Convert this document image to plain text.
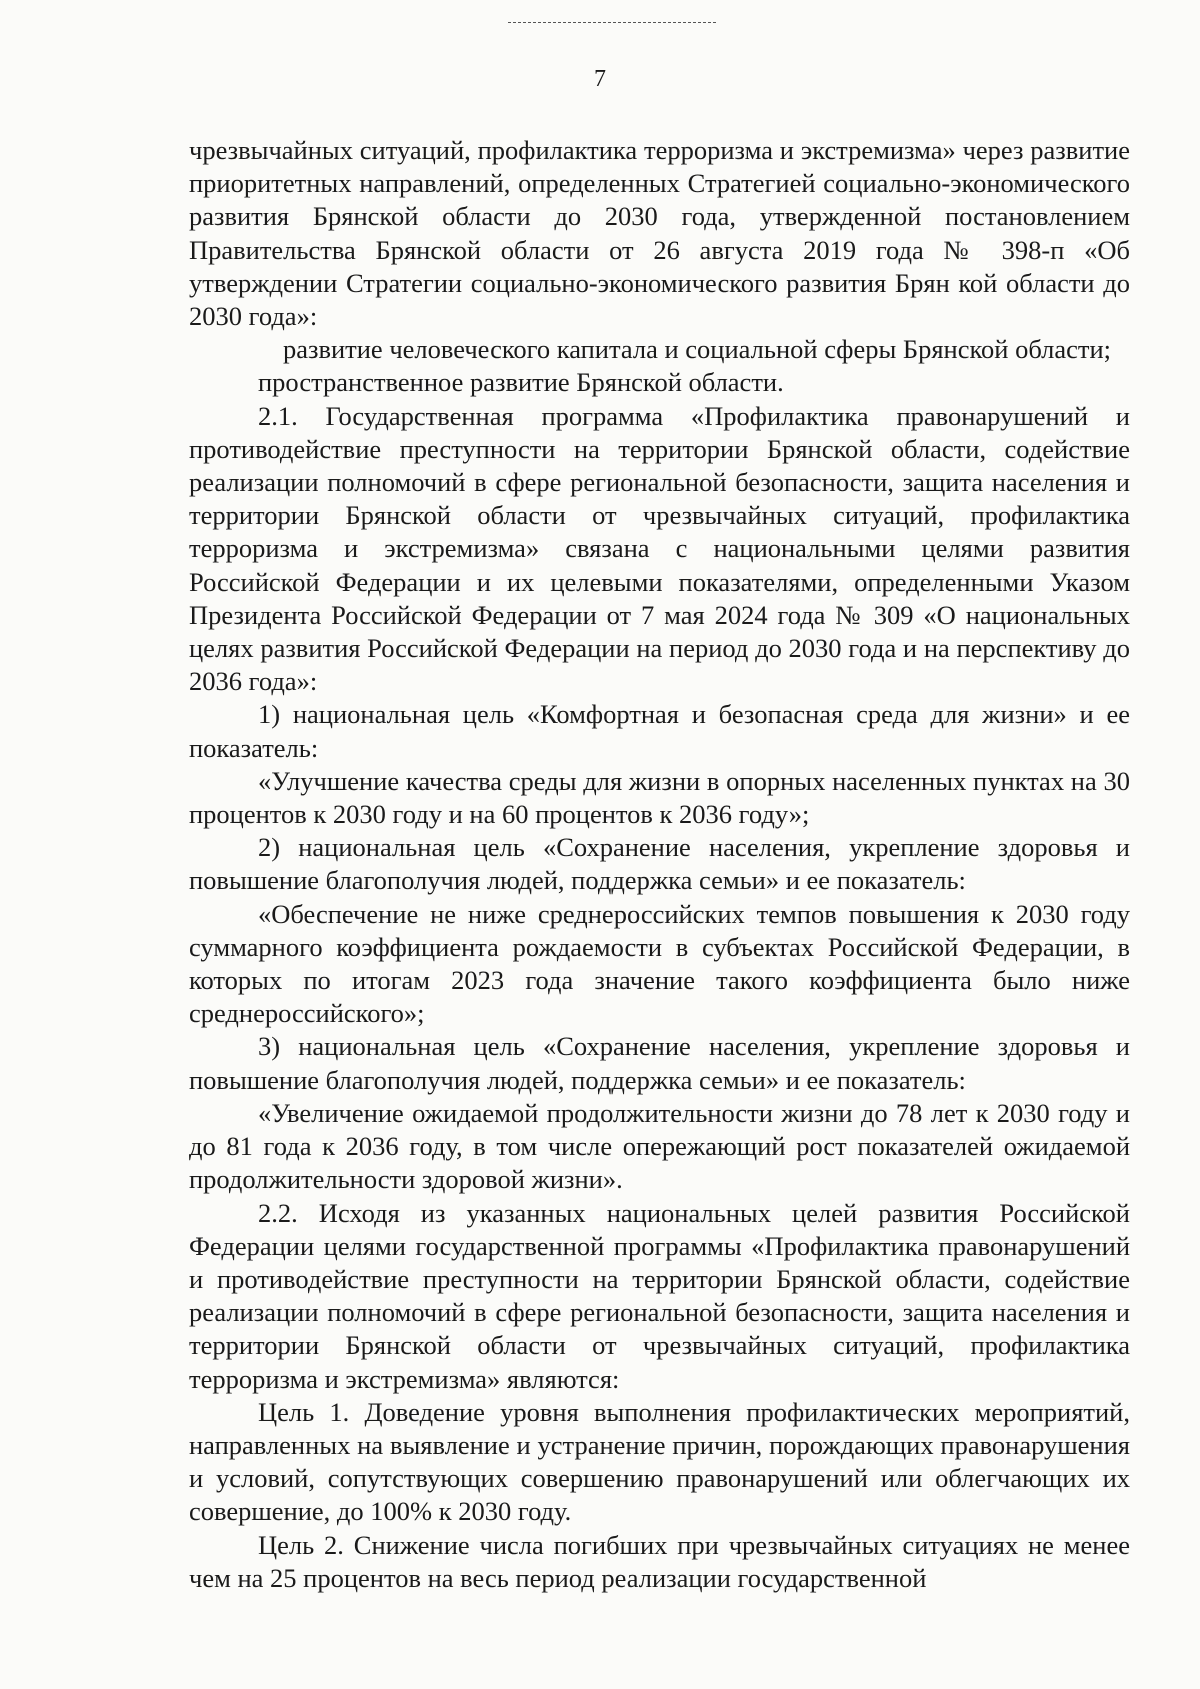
7

чрезвычайных ситуаций, профилактика терроризма и экстремизма» через развитие приоритетных направлений, определенных Стратегией социально-экономического развития Брянской области до 2030 года, утвержденной постановлением Правительства Брянской области от 26 августа 2019 года № 398-п «Об утверждении Стратегии социально-экономического развития Брян кой области до 2030 года»:

развитие человеческого капитала и социальной сферы Брянской области;

пространственное развитие Брянской области.

2.1. Государственная программа «Профилактика правонарушений и противодействие преступности на территории Брянской области, содействие реализации полномочий в сфере региональной безопасности, защита населения и территории Брянской области от чрезвычайных ситуаций, профилактика терроризма и экстремизма» связана с национальными целями развития Российской Федерации и их целевыми показателями, определенными Указом Президента Российской Федерации от 7 мая 2024 года № 309 «О национальных целях развития Российской Федерации на период до 2030 года и на перспективу до 2036 года»:

1) национальная цель «Комфортная и безопасная среда для жизни» и ее показатель:

«Улучшение качества среды для жизни в опорных населенных пунктах на 30 процентов к 2030 году и на 60 процентов к 2036 году»;

2) национальная цель «Сохранение населения, укрепление здоровья и повышение благополучия людей, поддержка семьи» и ее показатель:

«Обеспечение не ниже среднероссийских темпов повышения к 2030 году суммарного коэффициента рождаемости в субъектах Российской Федерации, в которых по итогам 2023 года значение такого коэффициента было ниже среднероссийского»;

3) национальная цель «Сохранение населения, укрепление здоровья и повышение благополучия людей, поддержка семьи» и ее показатель:

«Увеличение ожидаемой продолжительности жизни до 78 лет к 2030 году и до 81 года к 2036 году, в том числе опережающий рост показателей ожидаемой продолжительности здоровой жизни».

2.2. Исходя из указанных национальных целей развития Российской Федерации целями государственной программы «Профилактика правонарушений и противодействие преступности на территории Брянской области, содействие реализации полномочий в сфере региональной безопасности, защита населения и территории Брянской области от чрезвычайных ситуаций, профилактика терроризма и экстремизма» являются:

Цель 1. Доведение уровня выполнения профилактических мероприятий, направленных на выявление и устранение причин, порождающих правонарушения и условий, сопутствующих совершению правонарушений или облегчающих их совершение, до 100% к 2030 году.

Цель 2. Снижение числа погибших при чрезвычайных ситуациях не менее чем на 25 процентов на весь период реализации государственной
